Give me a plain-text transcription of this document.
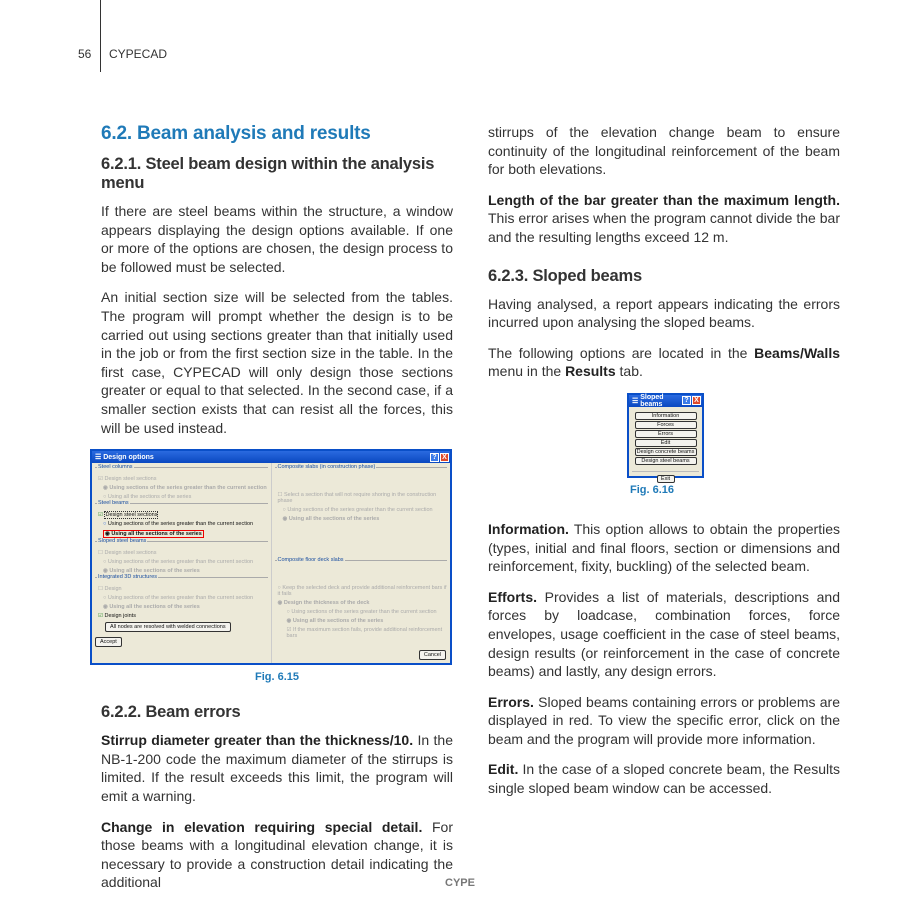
56 CYPECAD
6.2. Beam analysis and results
6.2.1. Steel beam design within the analysis menu

If there are steel beams within the structure, a window appears displaying the design options available. If one or more of the options are chosen, the design process to be followed must be selected.

An initial section size will be selected from the tables. The program will prompt whether the design is to be carried out using sections greater than that initially used in the job or from the first section size in the table. In the first case, CYPECAD will only design those sections greater or equal to that selected. In the second case, if a smaller section exists that can resist all the forces, this will be used instead.

☰ Design options	? X
Steel columns
☑ Design steel sections
◉ Using sections of the series greater than the current section
○ Using all the sections of the series
Steel beams
☑ Design steel sections
○ Using sections of the series greater than the current section
◉ Using all the sections of the series
Sloped steel beams
☐ Design steel sections
○ Using sections of the series greater than the current section
◉ Using all the sections of the series
Integrated 3D structures
☐ Design
○ Using sections of the series greater than the current section
◉ Using all the sections of the series
☑ Design joints
All nodes are resolved with welded connections
Accept
Composite slabs (in construction phase)
☐ Select a section that will not require shoring in the construction phase
○ Using sections of the series greater than the current section
◉ Using all the sections of the series
Composite floor deck slabs
○ Keep the selected deck and provide additional reinforcement bars if it fails
◉ Design the thickness of the deck
○ Using sections of the series greater than the current section
◉ Using all the sections of the series
☑ If the maximum section fails, provide additional reinforcement bars
Cancel
Fig. 6.15
6.2.2. Beam errors

Stirrup diameter greater than the thickness/10. In the NB-1-200 code the maximum diameter of the stirrups is limited. If the result exceeds this limit, the program will emit a warning.

Change in elevation requiring special detail. For those beams with a longitudinal elevation change, it is necessary to provide a construction detail indicating the additional

stirrups of the elevation change beam to ensure continuity of the longitudinal reinforcement of the beam for both elevations.

Length of the bar greater than the maximum length. This error arises when the program cannot divide the bar and the resulting lengths exceed 12 m.

6.2.3. Sloped beams

Having analysed, a report appears indicating the errors incurred upon analysing the sloped beams.

The following options are located in the Beams/Walls menu in the Results tab.

☰
Sloped beams	? X
Information
Forces
Errors
Edit
Design concrete beams
Design steel beams
Exit
Fig. 6.16

Information. This option allows to obtain the properties (types, initial and final floors, section or dimensions and reinforcement, fixity, buckling) of the selected beam.

Efforts. Provides a list of materials, descriptions and forces by loadcase, combination forces, force envelopes, usage coefficient in the case of steel beams, design results (or reinforcement in the case of concrete beams) and lastly, any design errors.

Errors. Sloped beams containing errors or problems are displayed in red. To view the specific error, click on the beam and the program will provide more information.

Edit. In the case of a sloped concrete beam, the Results single sloped beam window can be accessed.

CYPE
